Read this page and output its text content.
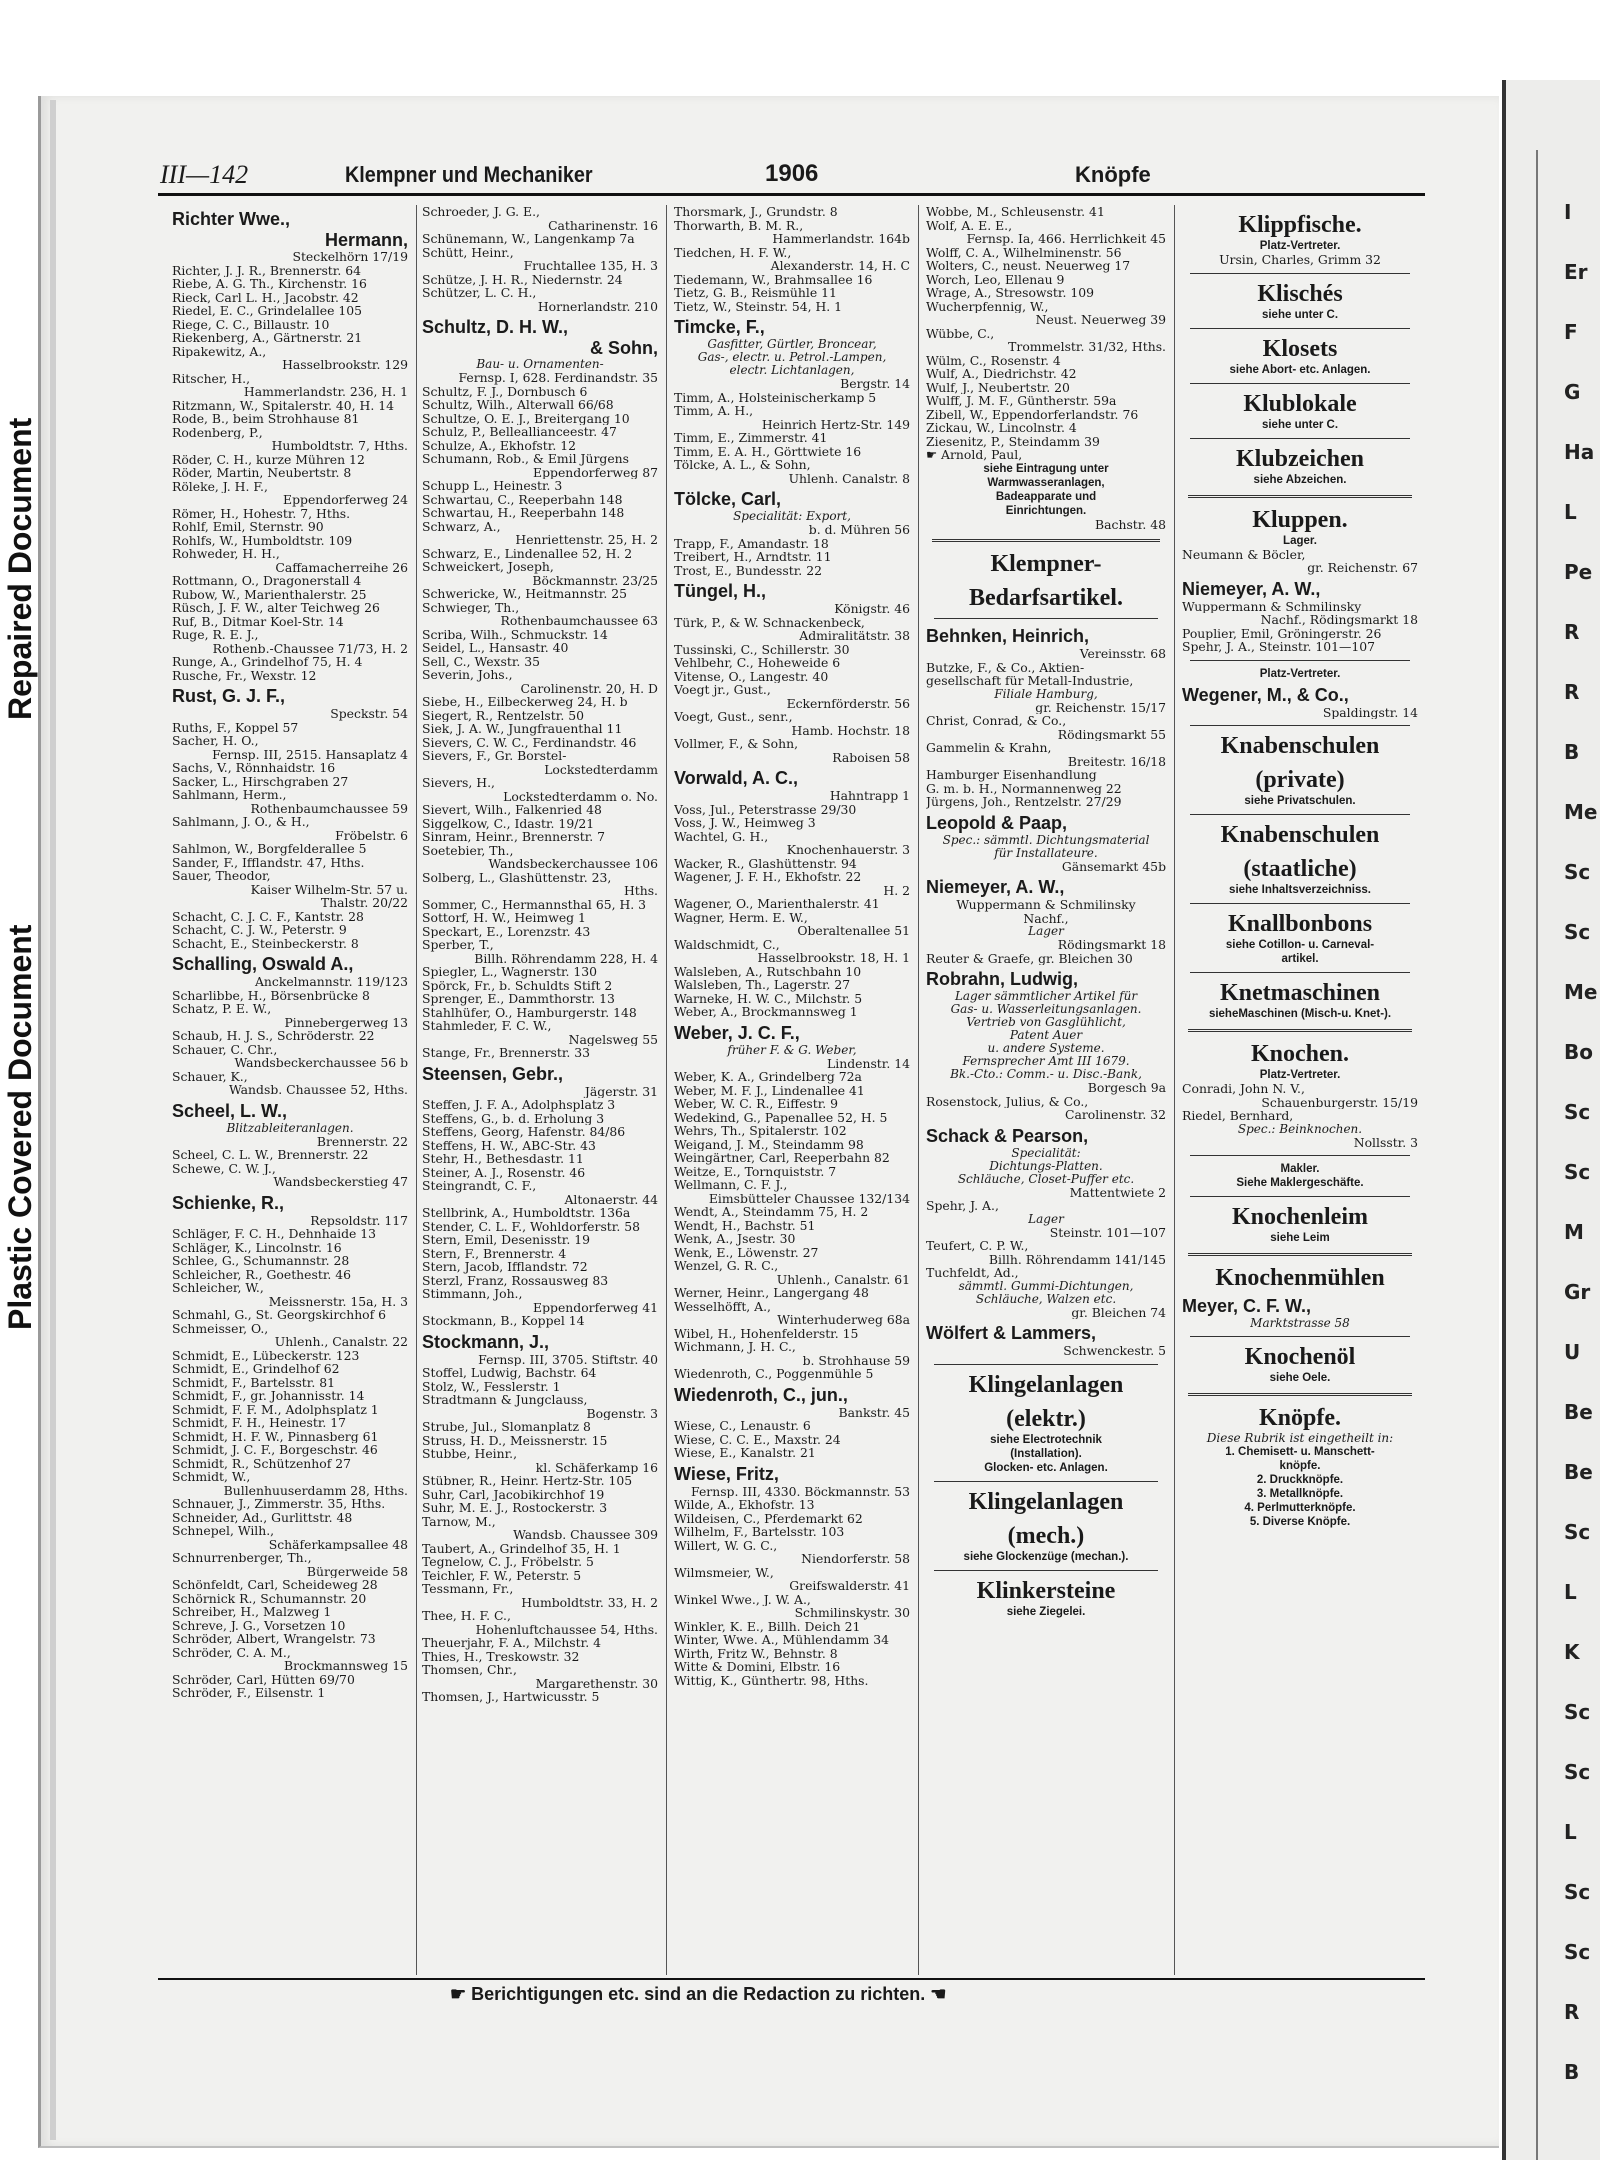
Plastic Covered Document
Repaired Document
I
Er
F
G
Ha
L
Pe
R
R
B
Me
Sc
Sc
Me
Bo
Sc
Sc
M
Gr
U
Be
Be
Sc
L
K
Sc
Sc
L
Sc
Sc
R
B
III—142	Klempner und Mechaniker	1906	Knöpfe
Richter Wwe.,
Hermann,
Steckelhörn 17/19
Richter, J. J. R., Brennerstr. 64
Riebe, A. G. Th., Kirchenstr. 16
Rieck, Carl L. H., Jacobstr. 42
Riedel, E. C., Grindelallee 105
Riege, C. C., Billaustr. 10
Riekenberg, A., Gärtnerstr. 21
Ripakewitz, A.,
Hasselbrookstr. 129
Ritscher, H.,
Hammerlandstr. 236, H. 1
Ritzmann, W., Spitalerstr. 40, H. 14
Rode, B., beim Strohhause 81
Rodenberg, P.,
Humboldtstr. 7, Hths.
Röder, C. H., kurze Mühren 12
Röder, Martin, Neubertstr. 8
Röleke, J. H. F.,
Eppendorferweg 24
Römer, H., Hohestr. 7, Hths.
Rohlf, Emil, Sternstr. 90
Rohlfs, W., Humboldtstr. 109
Rohweder, H. H.,
Caffamacherreihe 26
Rottmann, O., Dragonerstall 4
Rubow, W., Marienthalerstr. 25
Rüsch, J. F. W., alter Teichweg 26
Ruf, B., Ditmar Koel-Str. 14
Ruge, R. E. J.,
Rothenb.-Chaussee 71/73, H. 2
Runge, A., Grindelhof 75, H. 4
Rusche, Fr., Wexstr. 12
Rust, G. J. F.,
Speckstr. 54
Ruths, F., Koppel 57
Sacher, H. O.,
Fernsp. III, 2515. Hansaplatz 4
Sachs, V., Rönnhaidstr. 16
Sacker, L., Hirschgraben 27
Sahlmann, Herm.,
Rothenbaumchaussee 59
Sahlmann, J. O., & H.,
Fröbelstr. 6
Sahlmon, W., Borgfelderallee 5
Sander, F., Ifflandstr. 47, Hths.
Sauer, Theodor,
Kaiser Wilhelm-Str. 57 u.
Thalstr. 20/22
Schacht, C. J. C. F., Kantstr. 28
Schacht, C. J. W., Peterstr. 9
Schacht, E., Steinbeckerstr. 8
Schalling, Oswald A.,
Anckelmannstr. 119/123
Scharlibbe, H., Börsenbrücke 8
Schatz, P. E. W.,
Pinnebergerweg 13
Schaub, H. J. S., Schröderstr. 22
Schauer, C. Chr.,
Wandsbeckerchaussee 56 b
Schauer, K.,
Wandsb. Chaussee 52, Hths.
Scheel, L. W.,
Blitzableiteranlagen.
Brennerstr. 22
Scheel, C. L. W., Brennerstr. 22
Schewe, C. W. J.,
Wandsbeckerstieg 47
Schienke, R.,
Repsoldstr. 117
Schläger, F. C. H., Dehnhaide 13
Schläger, K., Lincolnstr. 16
Schlee, G., Schumannstr. 28
Schleicher, R., Goethestr. 46
Schleicher, W.,
Meissnerstr. 15a, H. 3
Schmahl, G., St. Georgskirchhof 6
Schmeisser, O.,
Uhlenh., Canalstr. 22
Schmidt, E., Lübeckerstr. 123
Schmidt, E., Grindelhof 62
Schmidt, F., Bartelsstr. 81
Schmidt, F., gr. Johannisstr. 14
Schmidt, F. F. M., Adolphsplatz 1
Schmidt, F. H., Heinestr. 17
Schmidt, H. F. W., Pinnasberg 61
Schmidt, J. C. F., Borgeschstr. 46
Schmidt, R., Schützenhof 27
Schmidt, W.,
Bullenhuuserdamm 28, Hths.
Schnauer, J., Zimmerstr. 35, Hths.
Schneider, Ad., Gurlittstr. 48
Schnepel, Wilh.,
Schäferkampsallee 48
Schnurrenberger, Th.,
Bürgerweide 58
Schönfeldt, Carl, Scheideweg 28
Schörnick R., Schumannstr. 20
Schreiber, H., Malzweg 1
Schreve, J. G., Vorsetzen 10
Schröder, Albert, Wrangelstr. 73
Schröder, C. A. M.,
Brockmannsweg 15
Schröder, Carl, Hütten 69/70
Schröder, F., Eilsenstr. 1
Schroeder, J. G. E.,
Catharinenstr. 16
Schünemann, W., Langenkamp 7a
Schütt, Heinr.,
Fruchtallee 135, H. 3
Schütze, J. H. R., Niedernstr. 24
Schützer, L. C. H.,
Hornerlandstr. 210
Schultz, D. H. W.,
& Sohn,
Bau- u. Ornamenten-
Fernsp. I, 628. Ferdinandstr. 35
Schultz, F. J., Dornbusch 6
Schultz, Wilh., Alterwall 66/68
Schultze, O. E. J., Breitergang 10
Schulz, P., Belleallianceestr. 47
Schulze, A., Ekhofstr. 12
Schumann, Rob., & Emil Jürgens
Eppendorferweg 87
Schupp L., Heinestr. 3
Schwartau, C., Reeperbahn 148
Schwartau, H., Reeperbahn 148
Schwarz, A.,
Henriettenstr. 25, H. 2
Schwarz, E., Lindenallee 52, H. 2
Schweickert, Joseph,
Böckmannstr. 23/25
Schwericke, W., Heitmannstr. 25
Schwieger, Th.,
Rothenbaumchaussee 63
Scriba, Wilh., Schmuckstr. 14
Seidel, L., Hansastr. 40
Sell, C., Wexstr. 35
Severin, Johs.,
Carolinenstr. 20, H. D
Siebe, H., Eilbeckerweg 24, H. b
Siegert, R., Rentzelstr. 50
Siek, J. A. W., Jungfrauenthal 11
Sievers, C. W. C., Ferdinandstr. 46
Sievers, F., Gr. Borstel-
Lockstedterdamm
Sievers, H.,
Lockstedterdamm o. No.
Sievert, Wilh., Falkenried 48
Siggelkow, C., Idastr. 19/21
Sinram, Heinr., Brennerstr. 7
Soetebier, Th.,
Wandsbeckerchaussee 106
Solberg, L., Glashüttenstr. 23,
Hths.
Sommer, C., Hermannsthal 65, H. 3
Sottorf, H. W., Heimweg 1
Speckart, E., Lorenzstr. 43
Sperber, T.,
Billh. Röhrendamm 228, H. 4
Spiegler, L., Wagnerstr. 130
Spörck, Fr., b. Schuldts Stift 2
Sprenger, E., Dammthorstr. 13
Stahlhüfer, O., Hamburgerstr. 148
Stahmleder, F. C. W.,
Nagelsweg 55
Stange, Fr., Brennerstr. 33
Steensen, Gebr.,
Jägerstr. 31
Steffen, J. F. A., Adolphsplatz 3
Steffens, G., b. d. Erholung 3
Steffens, Georg, Hafenstr. 84/86
Steffens, H. W., ABC-Str. 43
Stehr, H., Bethesdastr. 11
Steiner, A. J., Rosenstr. 46
Steingrandt, C. F.,
Altonaerstr. 44
Stellbrink, A., Humboldtstr. 136a
Stender, C. L. F., Wohldorferstr. 58
Stern, Emil, Desenisstr. 19
Stern, F., Brennerstr. 4
Stern, Jacob, Ifflandstr. 72
Sterzl, Franz, Rossausweg 83
Stimmann, Joh.,
Eppendorferweg 41
Stockmann, B., Koppel 14
Stockmann, J.,
Fernsp. III, 3705. Stiftstr. 40
Stoffel, Ludwig, Bachstr. 64
Stolz, W., Fesslerstr. 1
Stradtmann & Jungclauss,
Bogenstr. 3
Strube, Jul., Slomanplatz 8
Struss, H. D., Meissnerstr. 15
Stubbe, Heinr.,
kl. Schäferkamp 16
Stübner, R., Heinr. Hertz-Str. 105
Suhr, Carl, Jacobikirchhof 19
Suhr, M. E. J., Rostockerstr. 3
Tarnow, M.,
Wandsb. Chaussee 309
Taubert, A., Grindelhof 35, H. 1
Tegnelow, C. J., Fröbelstr. 5
Teichler, F. W., Peterstr. 5
Tessmann, Fr.,
Humboldtstr. 33, H. 2
Thee, H. F. C.,
Hohenluftchaussee 54, Hths.
Theuerjahr, F. A., Milchstr. 4
Thies, H., Treskowstr. 32
Thomsen, Chr.,
Margarethenstr. 30
Thomsen, J., Hartwicusstr. 5
Thorsmark, J., Grundstr. 8
Thorwarth, B. M. R.,
Hammerlandstr. 164b
Tiedchen, H. F. W.,
Alexanderstr. 14, H. C
Tiedemann, W., Brahmsallee 16
Tietz, G. B., Reismühle 11
Tietz, W., Steinstr. 54, H. 1
Timcke, F.,
Gasfitter, Gürtler, Broncear,
Gas-, electr. u. Petrol.-Lampen,
electr. Lichtanlagen,
Bergstr. 14
Timm, A., Holsteinischerkamp 5
Timm, A. H.,
Heinrich Hertz-Str. 149
Timm, E., Zimmerstr. 41
Timm, E. A. H., Görttwiete 16
Tölcke, A. L., & Sohn,
Uhlenh. Canalstr. 8
Tölcke, Carl,
Specialität: Export,
b. d. Mühren 56
Trapp, F., Amandastr. 18
Treibert, H., Arndtstr. 11
Trost, E., Bundesstr. 22
Tüngel, H.,
Königstr. 46
Türk, P., & W. Schnackenbeck,
Admiralitätstr. 38
Tussinski, C., Schillerstr. 30
Vehlbehr, C., Hoheweide 6
Vitense, O., Langestr. 40
Voegt jr., Gust.,
Eckernförderstr. 56
Voegt, Gust., senr.,
Hamb. Hochstr. 18
Vollmer, F., & Sohn,
Raboisen 58
Vorwald, A. C.,
Hahntrapp 1
Voss, Jul., Peterstrasse 29/30
Voss, J. W., Heimweg 3
Wachtel, G. H.,
Knochenhauerstr. 3
Wacker, R., Glashüttenstr. 94
Wagener, J. F. H., Ekhofstr. 22
H. 2
Wagener, O., Marienthalerstr. 41
Wagner, Herm. E. W.,
Oberaltenallee 51
Waldschmidt, C.,
Hasselbrookstr. 18, H. 1
Walsleben, A., Rutschbahn 10
Walsleben, Th., Lagerstr. 27
Warneke, H. W. C., Milchstr. 5
Weber, A., Brockmannsweg 1
Weber, J. C. F.,
früher F. & G. Weber,
Lindenstr. 14
Weber, K. A., Grindelberg 72a
Weber, M. F. J., Lindenallee 41
Weber, W. C. R., Eiffestr. 9
Wedekind, G., Papenallee 52, H. 5
Wehrs, Th., Spitalerstr. 102
Weigand, J. M., Steindamm 98
Weingärtner, Carl, Reeperbahn 82
Weitze, E., Tornquiststr. 7
Wellmann, C. F. J.,
Eimsbütteler Chaussee 132/134
Wendt, A., Steindamm 75, H. 2
Wendt, H., Bachstr. 51
Wenk, A., Jsestr. 30
Wenk, E., Löwenstr. 27
Wenzel, G. R. C.,
Uhlenh., Canalstr. 61
Werner, Heinr., Langergang 48
Wesselhöfft, A.,
Winterhuderweg 68a
Wibel, H., Hohenfelderstr. 15
Wichmann, J. H. C.,
b. Strohhause 59
Wiedenroth, C., Poggenmühle 5
Wiedenroth, C., jun.,
Bankstr. 45
Wiese, C., Lenaustr. 6
Wiese, C. C. E., Maxstr. 24
Wiese, E., Kanalstr. 21
Wiese, Fritz,
Fernsp. III, 4330. Böckmannstr. 53
Wilde, A., Ekhofstr. 13
Wildeisen, C., Pferdemarkt 62
Wilhelm, F., Bartelsstr. 103
Willert, W. G. C.,
Niendorferstr. 58
Wilmsmeier, W.,
Greifswalderstr. 41
Winkel Wwe., J. W. A.,
Schmilinskystr. 30
Winkler, K. E., Billh. Deich 21
Winter, Wwe. A., Mühlendamm 34
Wirth, Fritz W., Behnstr. 8
Witte & Domini, Elbstr. 16
Wittig, K., Günthertr. 98, Hths.
Wobbe, M., Schleusenstr. 41
Wolf, A. E. E.,
Fernsp. Ia, 466. Herrlichkeit 45
Wolff, C. A., Wilhelminenstr. 56
Wolters, C., neust. Neuerweg 17
Worch, Leo, Ellenau 9
Wrage, A., Stresowstr. 109
Wucherpfennig, W.,
Neust. Neuerweg 39
Wübbe, C.,
Trommelstr. 31/32, Hths.
Wülm, C., Rosenstr. 4
Wulf, A., Diedrichstr. 42
Wulf, J., Neubertstr. 20
Wulff, J. M. F., Güntherstr. 59a
Zibell, W., Eppendorferlandstr. 76
Zickau, W., Lincolnstr. 4
Ziesenitz, P., Steindamm 39
☛ Arnold, Paul,
siehe Eintragung unter
Warmwasseranlagen,
Badeapparate und
Einrichtungen.
Bachstr. 48
Klempner-
Bedarfsartikel.
Behnken, Heinrich,
Vereinsstr. 68
Butzke, F., & Co., Aktien-
gesellschaft für Metall-Industrie,
Filiale Hamburg,
gr. Reichenstr. 15/17
Christ, Conrad, & Co.,
Rödingsmarkt 55
Gammelin & Krahn,
Breitestr. 16/18
Hamburger Eisenhandlung
G. m. b. H., Normannenweg 22
Jürgens, Joh., Rentzelstr. 27/29
Leopold & Paap,
Spec.: sämmtl. Dichtungsmaterial
für Installateure.
Gänsemarkt 45b
Niemeyer, A. W.,
Wuppermann & Schmilinsky
Nachf.,
Lager
Rödingsmarkt 18
Reuter & Graefe, gr. Bleichen 30
Robrahn, Ludwig,
Lager sämmtlicher Artikel für
Gas- u. Wasserleitungsanlagen.
Vertrieb von Gasglühlicht,
Patent Auer
u. andere Systeme.
Fernsprecher Amt III 1679.
Bk.-Cto.: Comm.- u. Disc.-Bank,
Borgesch 9a
Rosenstock, Julius, & Co.,
Carolinenstr. 32
Schack & Pearson,
Specialität:
Dichtungs-Platten.
Schläuche, Closet-Puffer etc.
Mattentwiete 2
Spehr, J. A.,
Lager
Steinstr. 101—107
Teufert, C. P. W.,
Billh. Röhrendamm 141/145
Tuchfeldt, Ad.,
sämmtl. Gummi-Dichtungen,
Schläuche, Walzen etc.
gr. Bleichen 74
Wölfert & Lammers,
Schwenckestr. 5
Klingelanlagen
(elektr.)
siehe Electrotechnik
(Installation).
Glocken- etc. Anlagen.
Klingelanlagen
(mech.)
siehe Glockenzüge (mechan.).
Klinkersteine
siehe Ziegelei.
Klippfische.
Platz-Vertreter.
Ursin, Charles, Grimm 32
Klischés
siehe unter C.
Klosets
siehe Abort- etc. Anlagen.
Klublokale
siehe unter C.
Klubzeichen
siehe Abzeichen.
Kluppen.
Lager.
Neumann & Böcler,
gr. Reichenstr. 67
Niemeyer, A. W.,
Wuppermann & Schmilinsky
Nachf., Rödingsmarkt 18
Pouplier, Emil, Gröningerstr. 26
Spehr, J. A., Steinstr. 101—107
Platz-Vertreter.
Wegener, M., & Co.,
Spaldingstr. 14
Knabenschulen
(private)
siehe Privatschulen.
Knabenschulen
(staatliche)
siehe Inhaltsverzeichniss.
Knallbonbons
siehe Cotillon- u. Carneval-
artikel.
Knetmaschinen
sieheMaschinen (Misch-u. Knet-).
Knochen.
Platz-Vertreter.
Conradi, John N. V.,
Schauenburgerstr. 15/19
Riedel, Bernhard,
Spec.: Beinknochen.
Nollsstr. 3
Makler.
Siehe Maklergeschäfte.
Knochenleim
siehe Leim
Knochenmühlen
Meyer, C. F. W.,
Marktstrasse 58
Knochenöl
siehe Oele.
Knöpfe.
Diese Rubrik ist eingetheilt in:
1. Chemisett- u. Manschett-
knöpfe.
2. Druckknöpfe.
3. Metallknöpfe.
4. Perlmutterknöpfe.
5. Diverse Knöpfe.
☛ Berichtigungen etc. sind an die Redaction zu richten. ☚
